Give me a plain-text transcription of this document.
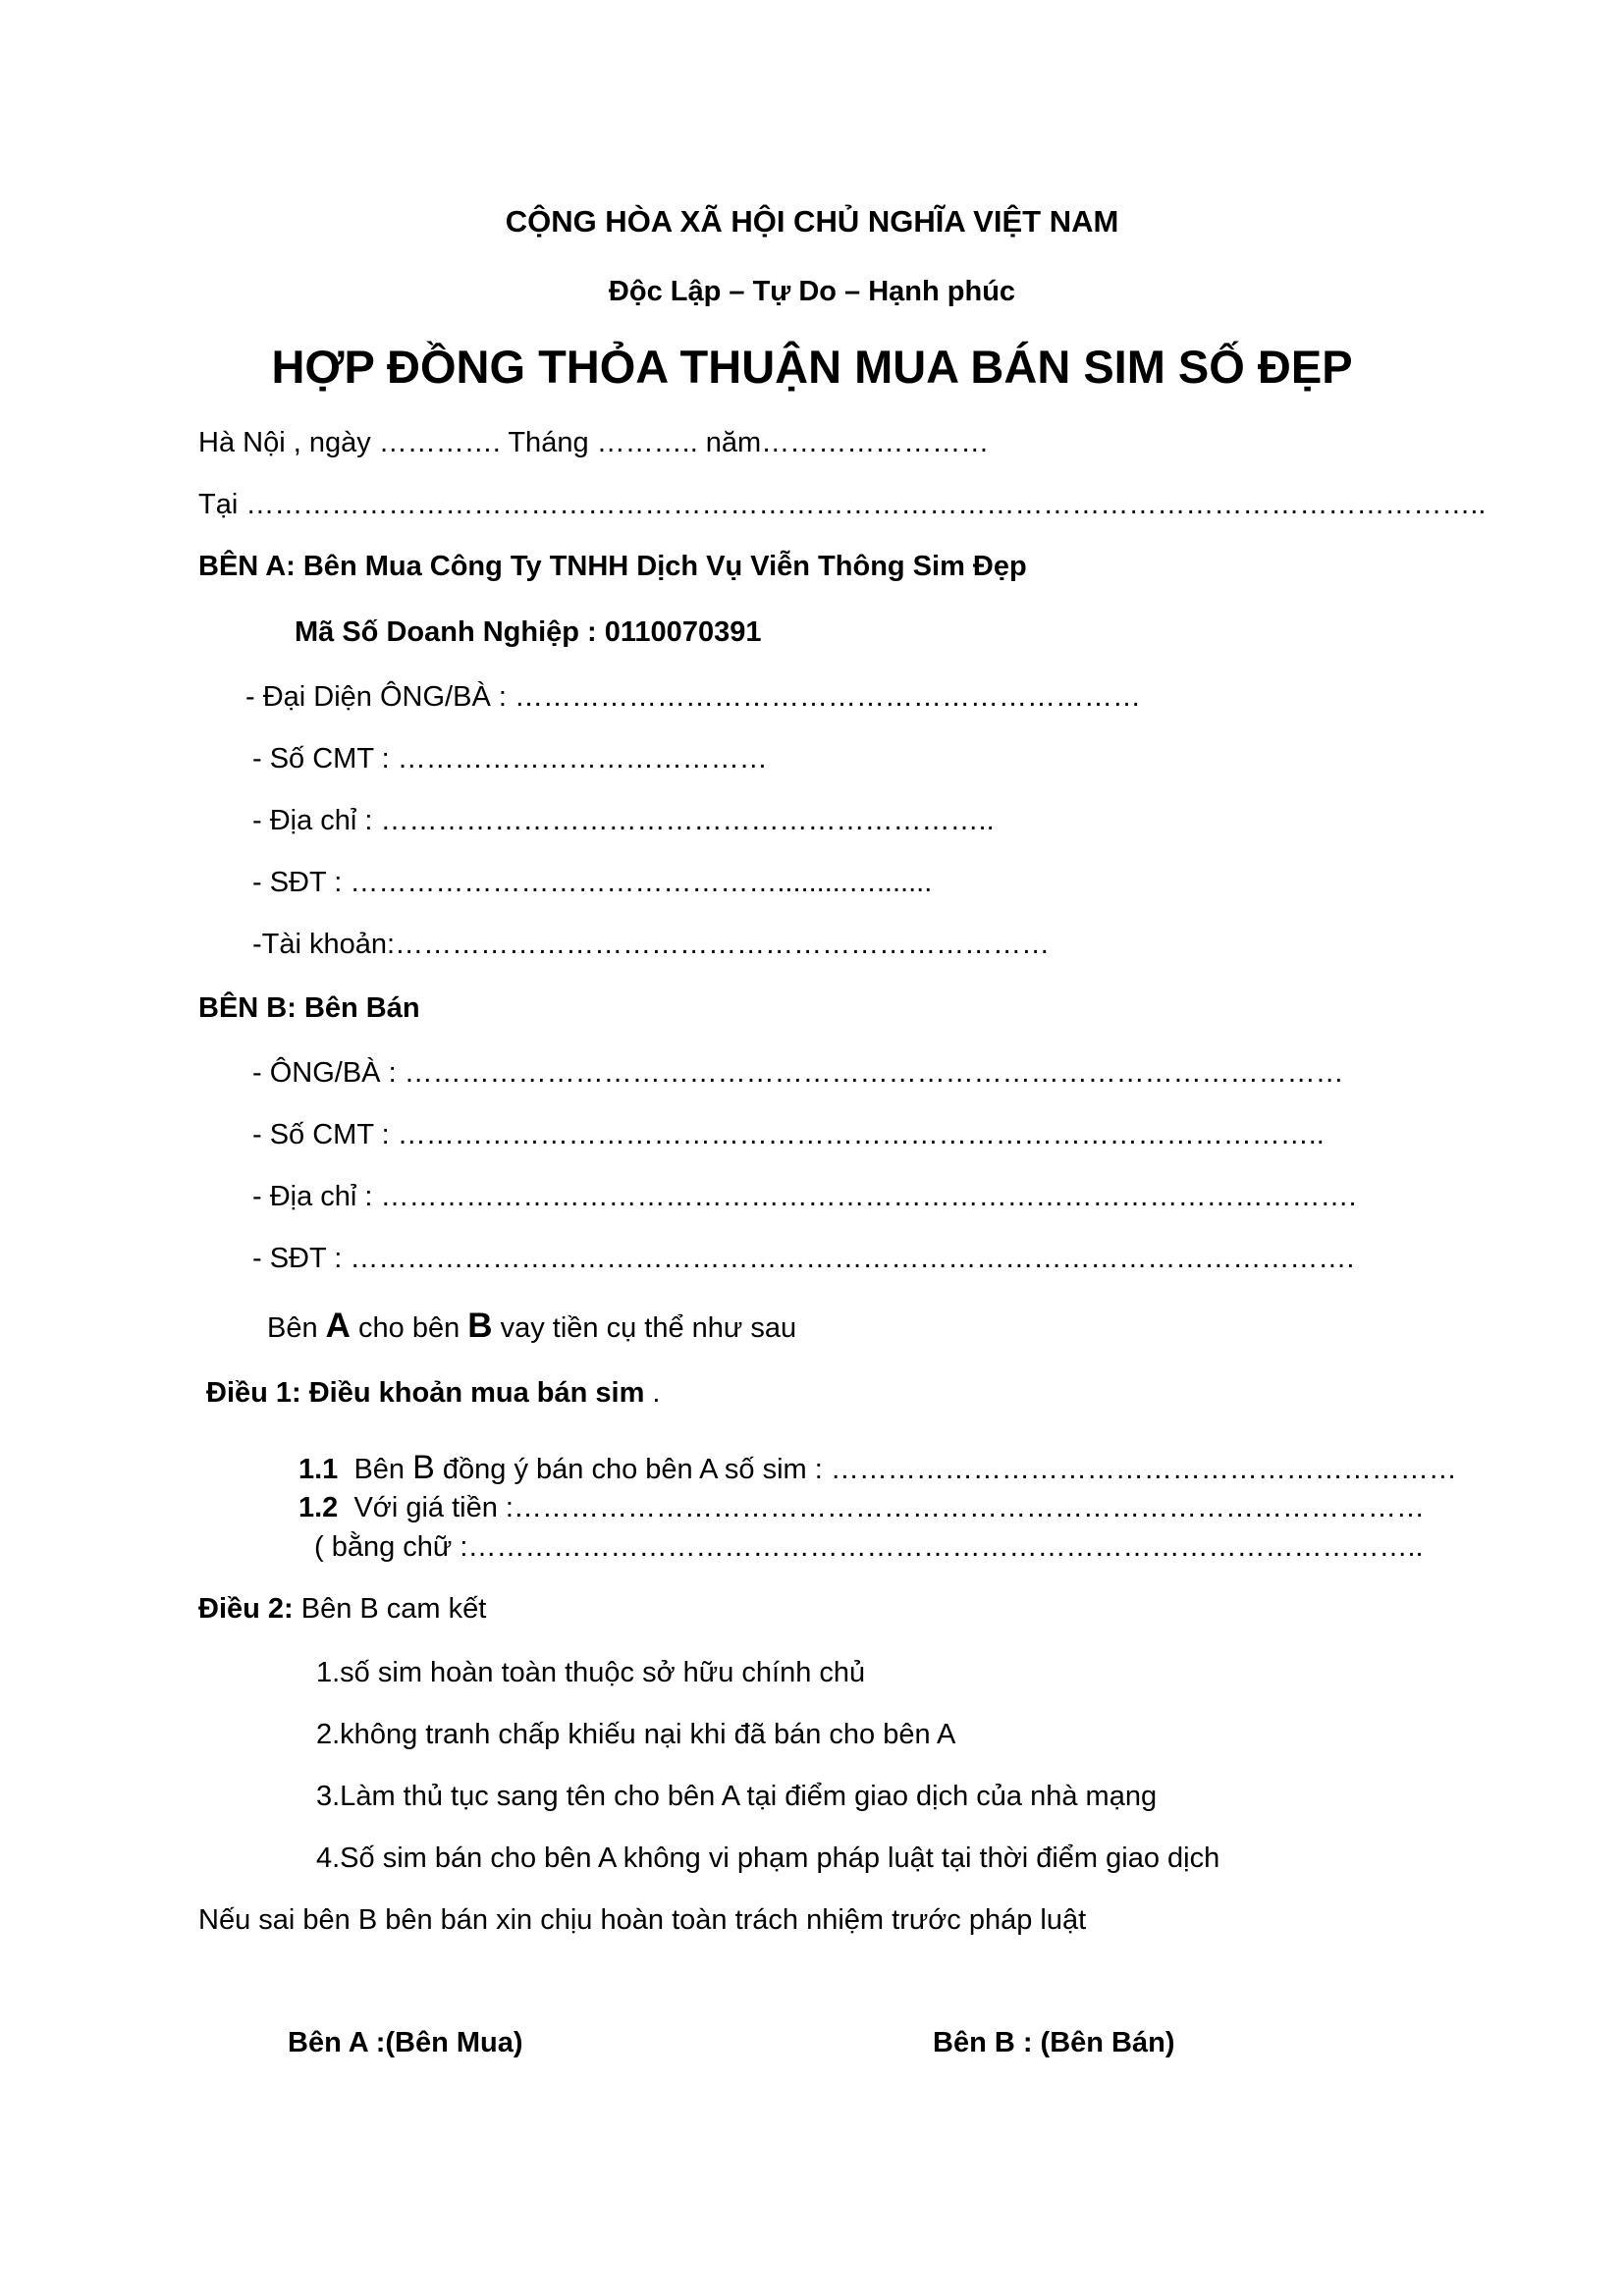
CỘNG HÒA XÃ HỘI CHỦ NGHĨA VIỆT NAM
Độc Lập – Tự Do – Hạnh phúc
HỢP ĐỒNG THỎA THUẬN MUA BÁN SIM SỐ ĐẸP
Hà Nội , ngày …………. Tháng ……….. năm……………………
Tại …………………………………………………………………………………………………………………..
BÊN A: Bên Mua Công Ty TNHH Dịch Vụ Viễn Thông Sim Đẹp
Mã Số Doanh Nghiệp : 0110070391
- Đại Diện ÔNG/BÀ : …………………………………………………………
- Số CMT : …………………………………
- Địa chỉ : ………………………………………………………..
- SĐT : ……………………………………….........….......
-Tài khoản:……………………………………………………………
BÊN B: Bên Bán
- ÔNG/BÀ : ………………………………………………………………………………………
- Số CMT : ……………………………………………………………………………………..
- Địa chỉ : ………………………………………………………………………………………….
- SĐT : …………………………………………………………………………………………….
Bên A cho bên B vay tiền cụ thể như sau
Điều 1: Điều khoản mua bán sim .
1.1 Bên B đồng ý bán cho bên A số sim : …………………………………………………………
1.2 Với giá tiền :……………………………………………………………………………………
( bằng chữ :………………………………………………………………………………………..
Điều 2: Bên B cam kết
1.số sim hoàn toàn thuộc sở hữu chính chủ
2.không tranh chấp khiếu nại khi đã bán cho bên A
3.Làm thủ tục sang tên cho bên A tại điểm giao dịch của nhà mạng
4.Số sim bán cho bên A không vi phạm pháp luật tại thời điểm giao dịch
Nếu sai bên B bên bán xin chịu hoàn toàn trách nhiệm trước pháp luật
Bên A :(Bên Mua)	Bên B : (Bên Bán)
